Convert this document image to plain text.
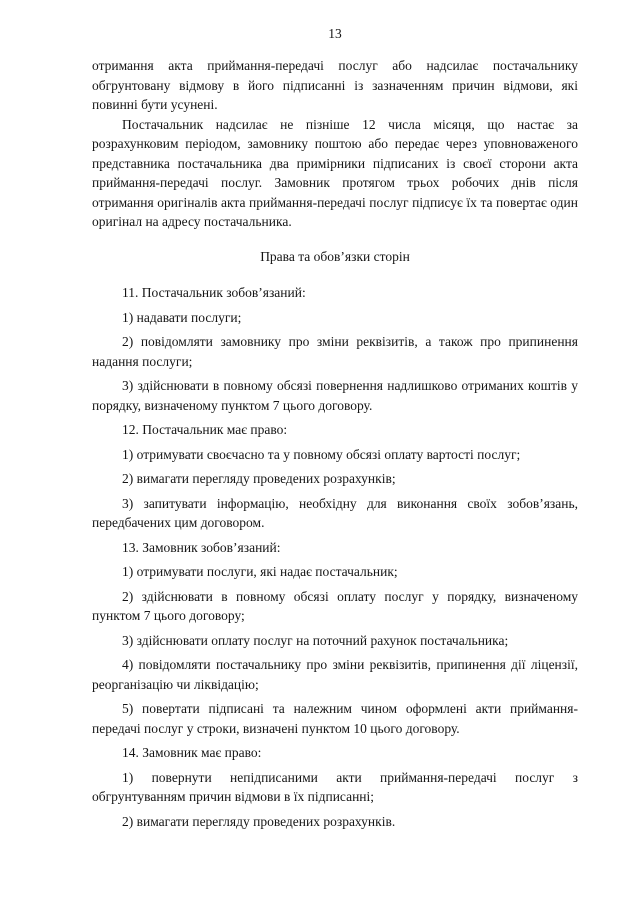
13

отримання акта приймання-передачі послуг або надсилає постачальнику обгрунтовану відмову в його підписанні із зазначенням причин відмови, які повинні бути усунені.

Постачальник надсилає не пізніше 12 числа місяця, що настає за розрахунковим періодом, замовнику поштою або передає через уповноваженого представника постачальника два примірники підписаних із своєї сторони акта приймання-передачі послуг. Замовник протягом трьох робочих днів після отримання оригіналів акта приймання-передачі послуг підписує їх та повертає один оригінал на адресу постачальника.

Права та обов’язки сторін

11. Постачальник зобов’язаний:

1) надавати послуги;

2) повідомляти замовнику про зміни реквізитів, а також про припинення надання послуги;

3) здійснювати в повному обсязі повернення надлишково отриманих коштів у порядку, визначеному пунктом 7 цього договору.

12. Постачальник має право:

1) отримувати своєчасно та у повному обсязі оплату вартості послуг;

2) вимагати перегляду проведених розрахунків;

3) запитувати інформацію, необхідну для виконання своїх зобов’язань, передбачених цим договором.

13. Замовник зобов’язаний:

1) отримувати послуги, які надає постачальник;

2) здійснювати в повному обсязі оплату послуг у порядку, визначеному пунктом 7 цього договору;

3) здійснювати оплату послуг на поточний рахунок постачальника;

4) повідомляти постачальнику про зміни реквізитів, припинення дії ліцензії, реорганізацію чи ліквідацію;

5) повертати підписані та належним чином оформлені акти приймання-передачі послуг у строки, визначені пунктом 10 цього договору.

14. Замовник має право:

1) повернути непідписаними акти приймання-передачі послуг з обгрунтуванням причин відмови в їх підписанні;

2) вимагати перегляду проведених розрахунків.
